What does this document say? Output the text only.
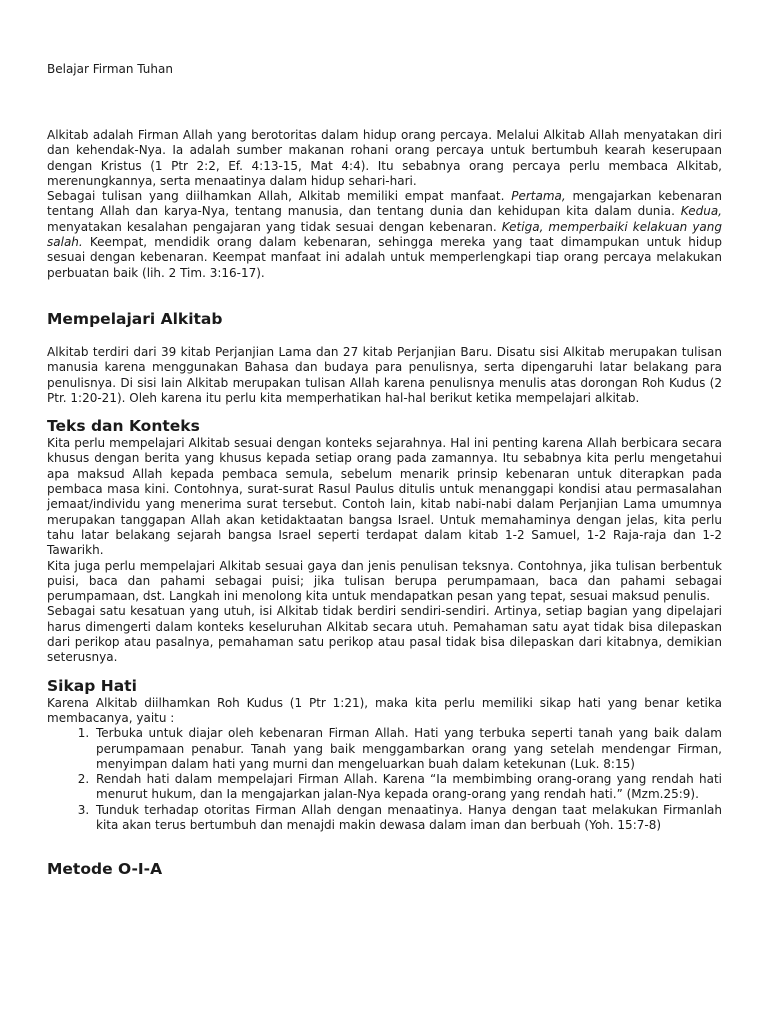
Belajar Firman Tuhan

Alkitab adalah Firman Allah yang berotoritas dalam hidup orang percaya. Melalui Alkitab Allah menyatakan diri dan kehendak-Nya. Ia adalah sumber makanan rohani orang percaya untuk bertumbuh kearah keserupaan dengan Kristus (1 Ptr 2:2, Ef. 4:13-15, Mat 4:4). Itu sebabnya orang percaya perlu membaca Alkitab, merenungkannya, serta menaatinya dalam hidup sehari-hari.

Sebagai tulisan yang diilhamkan Allah, Alkitab memiliki empat manfaat. Pertama, mengajarkan kebenaran tentang Allah dan karya-Nya, tentang manusia, dan tentang dunia dan kehidupan kita dalam dunia. Kedua, menyatakan kesalahan pengajaran yang tidak sesuai dengan kebenaran. Ketiga, memperbaiki kelakuan yang salah. Keempat, mendidik orang dalam kebenaran, sehingga mereka yang taat dimampukan untuk hidup sesuai dengan kebenaran. Keempat manfaat ini adalah untuk memperlengkapi tiap orang percaya melakukan perbuatan baik (lih. 2 Tim. 3:16-17).

Mempelajari Alkitab

Alkitab terdiri dari 39 kitab Perjanjian Lama dan 27 kitab Perjanjian Baru. Disatu sisi Alkitab merupakan tulisan manusia karena menggunakan Bahasa dan budaya para penulisnya, serta dipengaruhi latar belakang para penulisnya. Di sisi lain Alkitab merupakan tulisan Allah karena penulisnya menulis atas dorongan Roh Kudus (2 Ptr. 1:20-21). Oleh karena itu perlu kita memperhatikan hal-hal berikut ketika mempelajari alkitab.

Teks dan Konteks

Kita perlu mempelajari Alkitab sesuai dengan konteks sejarahnya. Hal ini penting karena Allah berbicara secara khusus dengan berita yang khusus kepada setiap orang pada zamannya. Itu sebabnya kita perlu mengetahui apa maksud Allah kepada pembaca semula, sebelum menarik prinsip kebenaran untuk diterapkan pada pembaca masa kini. Contohnya, surat-surat Rasul Paulus ditulis untuk menanggapi kondisi atau permasalahan jemaat/individu yang menerima surat tersebut. Contoh lain, kitab nabi-nabi dalam Perjanjian Lama umumnya merupakan tanggapan Allah akan ketidaktaatan bangsa Israel. Untuk memahaminya dengan jelas, kita perlu tahu latar belakang sejarah bangsa Israel seperti terdapat dalam kitab 1-2 Samuel, 1-2 Raja-raja dan 1-2 Tawarikh.

Kita juga perlu mempelajari Alkitab sesuai gaya dan jenis penulisan teksnya. Contohnya, jika tulisan berbentuk puisi, baca dan pahami sebagai puisi; jika tulisan berupa perumpamaan, baca dan pahami sebagai perumpamaan, dst. Langkah ini menolong kita untuk mendapatkan pesan yang tepat, sesuai maksud penulis.

Sebagai satu kesatuan yang utuh, isi Alkitab tidak berdiri sendiri-sendiri. Artinya, setiap bagian yang dipelajari harus dimengerti dalam konteks keseluruhan Alkitab secara utuh. Pemahaman satu ayat tidak bisa dilepaskan dari perikop atau pasalnya, pemahaman satu perikop atau pasal tidak bisa dilepaskan dari kitabnya, demikian seterusnya.

Sikap Hati

Karena Alkitab diilhamkan Roh Kudus (1 Ptr 1:21), maka kita perlu memiliki sikap hati yang benar ketika membacanya, yaitu :

1. Terbuka untuk diajar oleh kebenaran Firman Allah. Hati yang terbuka seperti tanah yang baik dalam perumpamaan penabur. Tanah yang baik menggambarkan orang yang setelah mendengar Firman, menyimpan dalam hati yang murni dan mengeluarkan buah dalam ketekunan (Luk. 8:15)
2. Rendah hati dalam mempelajari Firman Allah. Karena “Ia membimbing orang-orang yang rendah hati menurut hukum, dan Ia mengajarkan jalan-Nya kepada orang-orang yang rendah hati.” (Mzm.25:9).
3. Tunduk terhadap otoritas Firman Allah dengan menaatinya. Hanya dengan taat melakukan Firmanlah kita akan terus bertumbuh dan menajdi makin dewasa dalam iman dan berbuah (Yoh. 15:7-8)
Metode O-I-A
